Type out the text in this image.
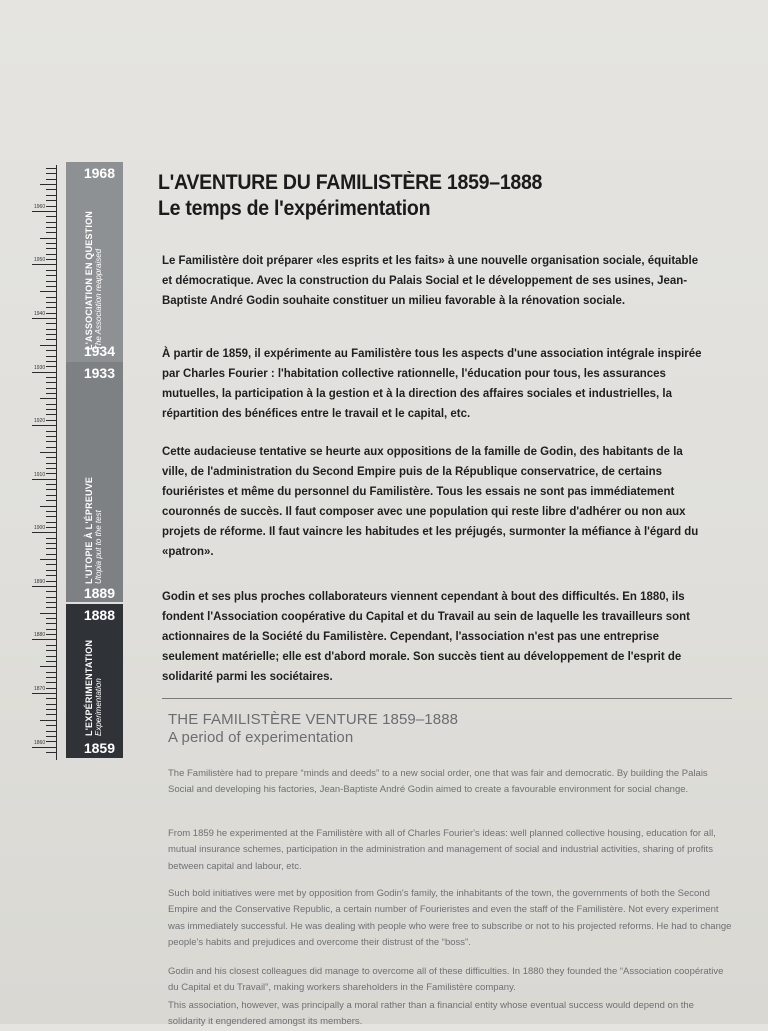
1960
1950
1940
1930
1920
1910
1900
1890
1880
1870
1860
1968
L'ASSOCIATION EN QUESTION The Association reappraised
1934
1933
L'UTOPIE À L'ÉPREUVE Utopia put to the test
1889
1888
L'EXPÉRIMENTATION Experimentation
1859
L'AVENTURE DU FAMILISTÈRE 1859–1888
Le temps de l'expérimentation

Le Familistère doit préparer «les esprits et les faits» à une nouvelle organisation sociale, équitable et démocratique. Avec la construction du Palais Social et le développement de ses usines, Jean-Baptiste André Godin souhaite constituer un milieu favorable à la rénovation sociale.

À partir de 1859, il expérimente au Familistère tous les aspects d'une association intégrale inspirée par Charles Fourier : l'habitation collective rationnelle, l'éducation pour tous, les assurances mutuelles, la participation à la gestion et à la direction des affaires sociales et industrielles, la répartition des bénéfices entre le travail et le capital, etc.

Cette audacieuse tentative se heurte aux oppositions de la famille de Godin, des habitants de la ville, de l'administration du Second Empire puis de la République conservatrice, de certains fouriéristes et même du personnel du Familistère. Tous les essais ne sont pas immédiatement couronnés de succès. Il faut composer avec une population qui reste libre d'adhérer ou non aux projets de réforme. Il faut vaincre les habitudes et les préjugés, surmonter la méfiance à l'égard du «patron».

Godin et ses plus proches collaborateurs viennent cependant à bout des difficultés. En 1880, ils fondent l'Association coopérative du Capital et du Travail au sein de laquelle les travailleurs sont actionnaires de la Société du Familistère. Cependant, l'association n'est pas une entreprise seulement matérielle; elle est d'abord morale. Son succès tient au développement de l'esprit de solidarité parmi les sociétaires.

THE FAMILISTÈRE VENTURE 1859–1888
A period of experimentation

The Familistère had to prepare “minds and deeds” to a new social order, one that was fair and democratic. By building the Palais Social and developing his factories, Jean-Baptiste André Godin aimed to create a favourable environment for social change.

From 1859 he experimented at the Familistère with all of Charles Fourier's ideas: well planned collective housing, education for all, mutual insurance schemes, participation in the administration and management of social and industrial activities, sharing of profits between capital and labour, etc.

Such bold initiatives were met by opposition from Godin's family, the inhabitants of the town, the governments of both the Second Empire and the Conservative Republic, a certain number of Fourieristes and even the staff of the Familistère. Not every experiment was immediately successful. He was dealing with people who were free to subscribe or not to his projected reforms. He had to change people's habits and prejudices and overcome their distrust of the “boss”.

Godin and his closest colleagues did manage to overcome all of these difficulties. In 1880 they founded the “Association coopérative du Capital et du Travail”, making workers shareholders in the Familistère company.

This association, however, was principally a moral rather than a financial entity whose eventual success would depend on the solidarity it engendered amongst its members.
